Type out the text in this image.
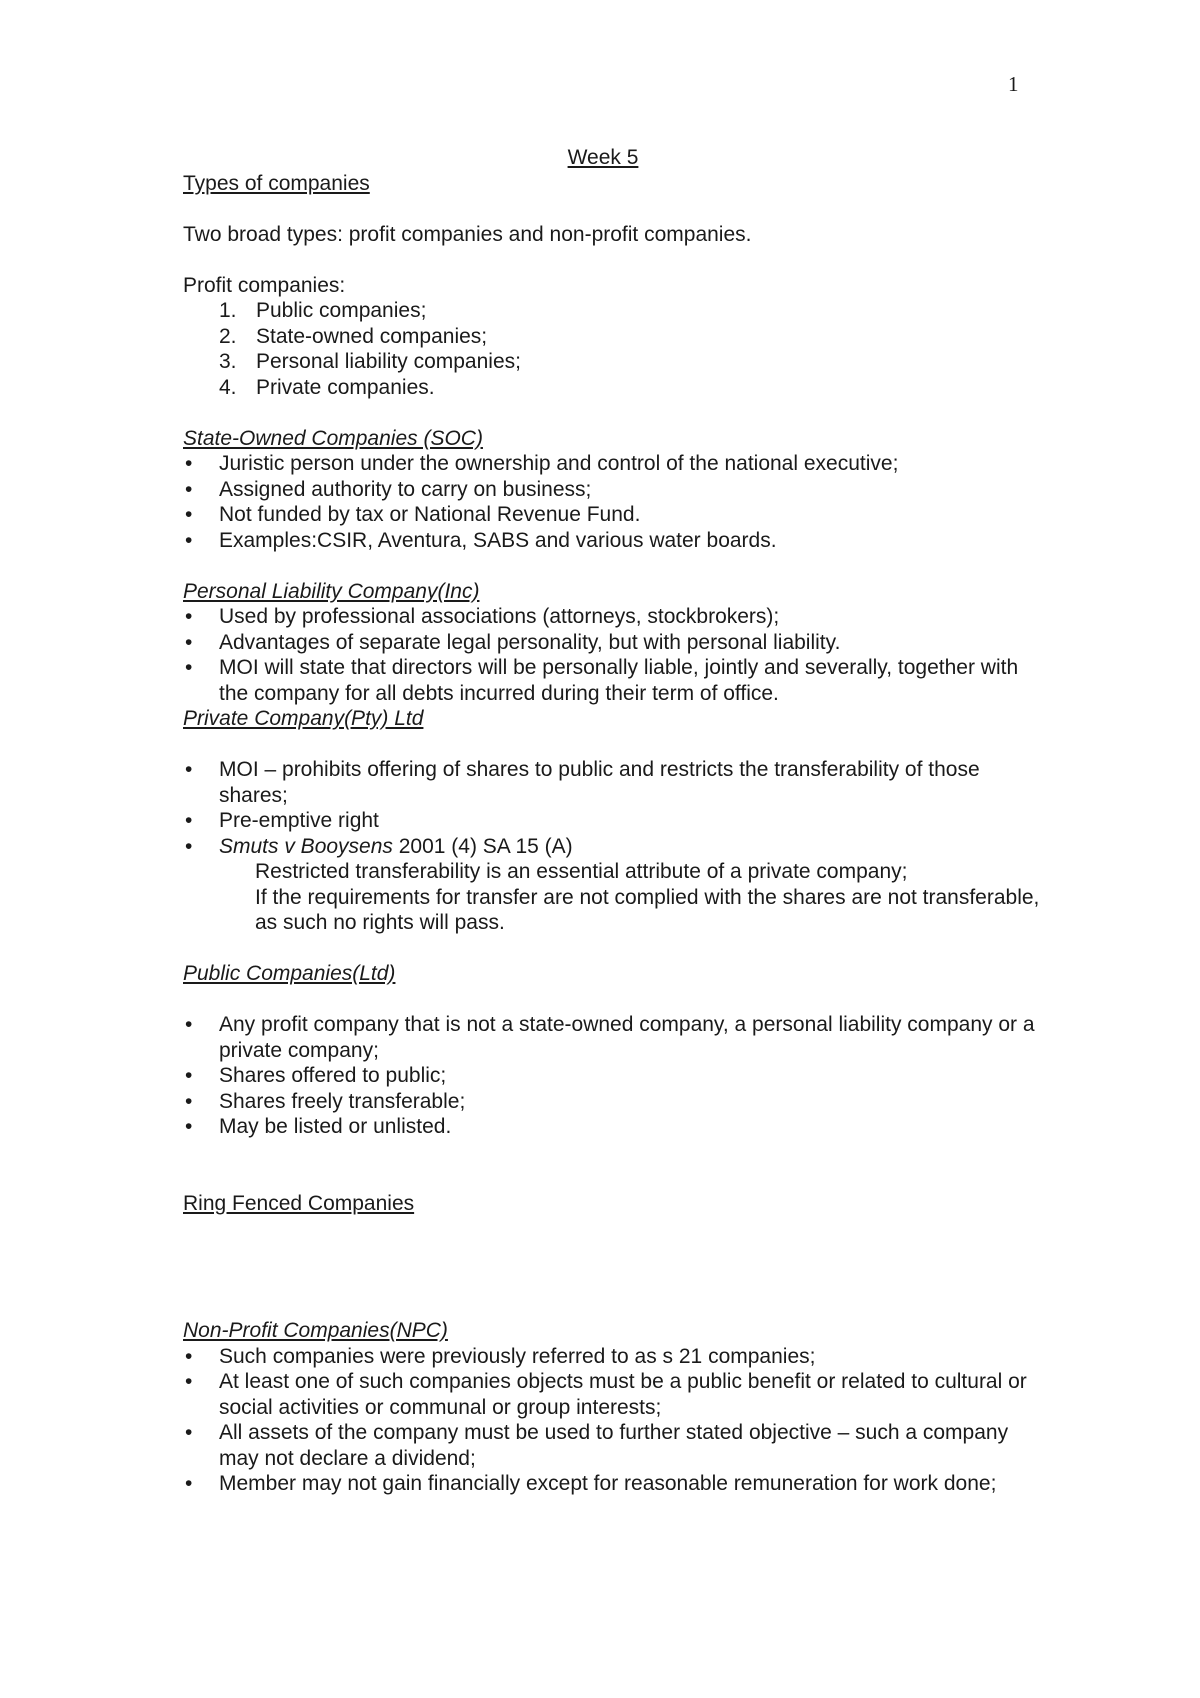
1

Week 5

Types of companies

Two broad types: profit companies and non-profit companies.

Profit companies:

1. Public companies;
2. State-owned companies;
3. Personal liability companies;
4. Private companies.

State-Owned Companies (SOC)

• Juristic person under the ownership and control of the national executive;
• Assigned authority to carry on business;
• Not funded by tax or National Revenue Fund.
• Examples:CSIR, Aventura, SABS and various water boards.

Personal Liability Company(Inc)

• Used by professional associations (attorneys, stockbrokers);
• Advantages of separate legal personality, but with personal liability.
• MOI will state that directors will be personally liable, jointly and severally, together with the company for all debts incurred during their term of office.

Private Company(Pty) Ltd

• MOI – prohibits offering of shares to public and restricts the transferability of those shares;
• Pre-emptive right
• Smuts v Booysens 2001 (4) SA 15 (A)

Restricted transferability is an essential attribute of a private company;

If the requirements for transfer are not complied with the shares are not transferable, as such no rights will pass.

Public Companies(Ltd)

• Any profit company that is not a state-owned company, a personal liability company or a private company;
• Shares offered to public;
• Shares freely transferable;
• May be listed or unlisted.

Ring Fenced Companies

Non-Profit Companies(NPC)

• Such companies were previously referred to as s 21 companies;
• At least one of such companies objects must be a public benefit or related to cultural or social activities or communal or group interests;
• All assets of the company must be used to further stated objective – such a company may not declare a dividend;
• Member may not gain financially except for reasonable remuneration for work done;
